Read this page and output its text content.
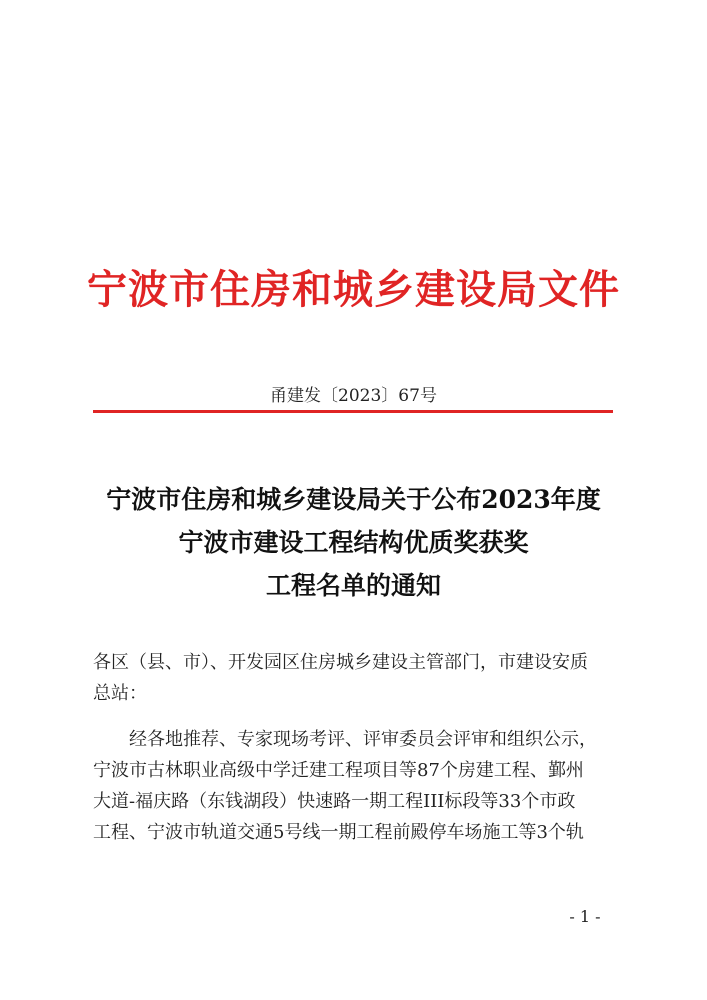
宁波市住房和城乡建设局文件
甬建发〔2023〕67号
宁波市住房和城乡建设局关于公布2023年度
宁波市建设工程结构优质奖获奖
工程名单的通知
各区（县、市）、开发园区住房城乡建设主管部门，市建设安质
总站：
经各地推荐、专家现场考评、评审委员会评审和组织公示，
宁波市古林职业高级中学迁建工程项目等87个房建工程、鄞州
大道-福庆路（东钱湖段）快速路一期工程III标段等33个市政
工程、宁波市轨道交通5号线一期工程前殿停车场施工等3个轨
- 1 -
